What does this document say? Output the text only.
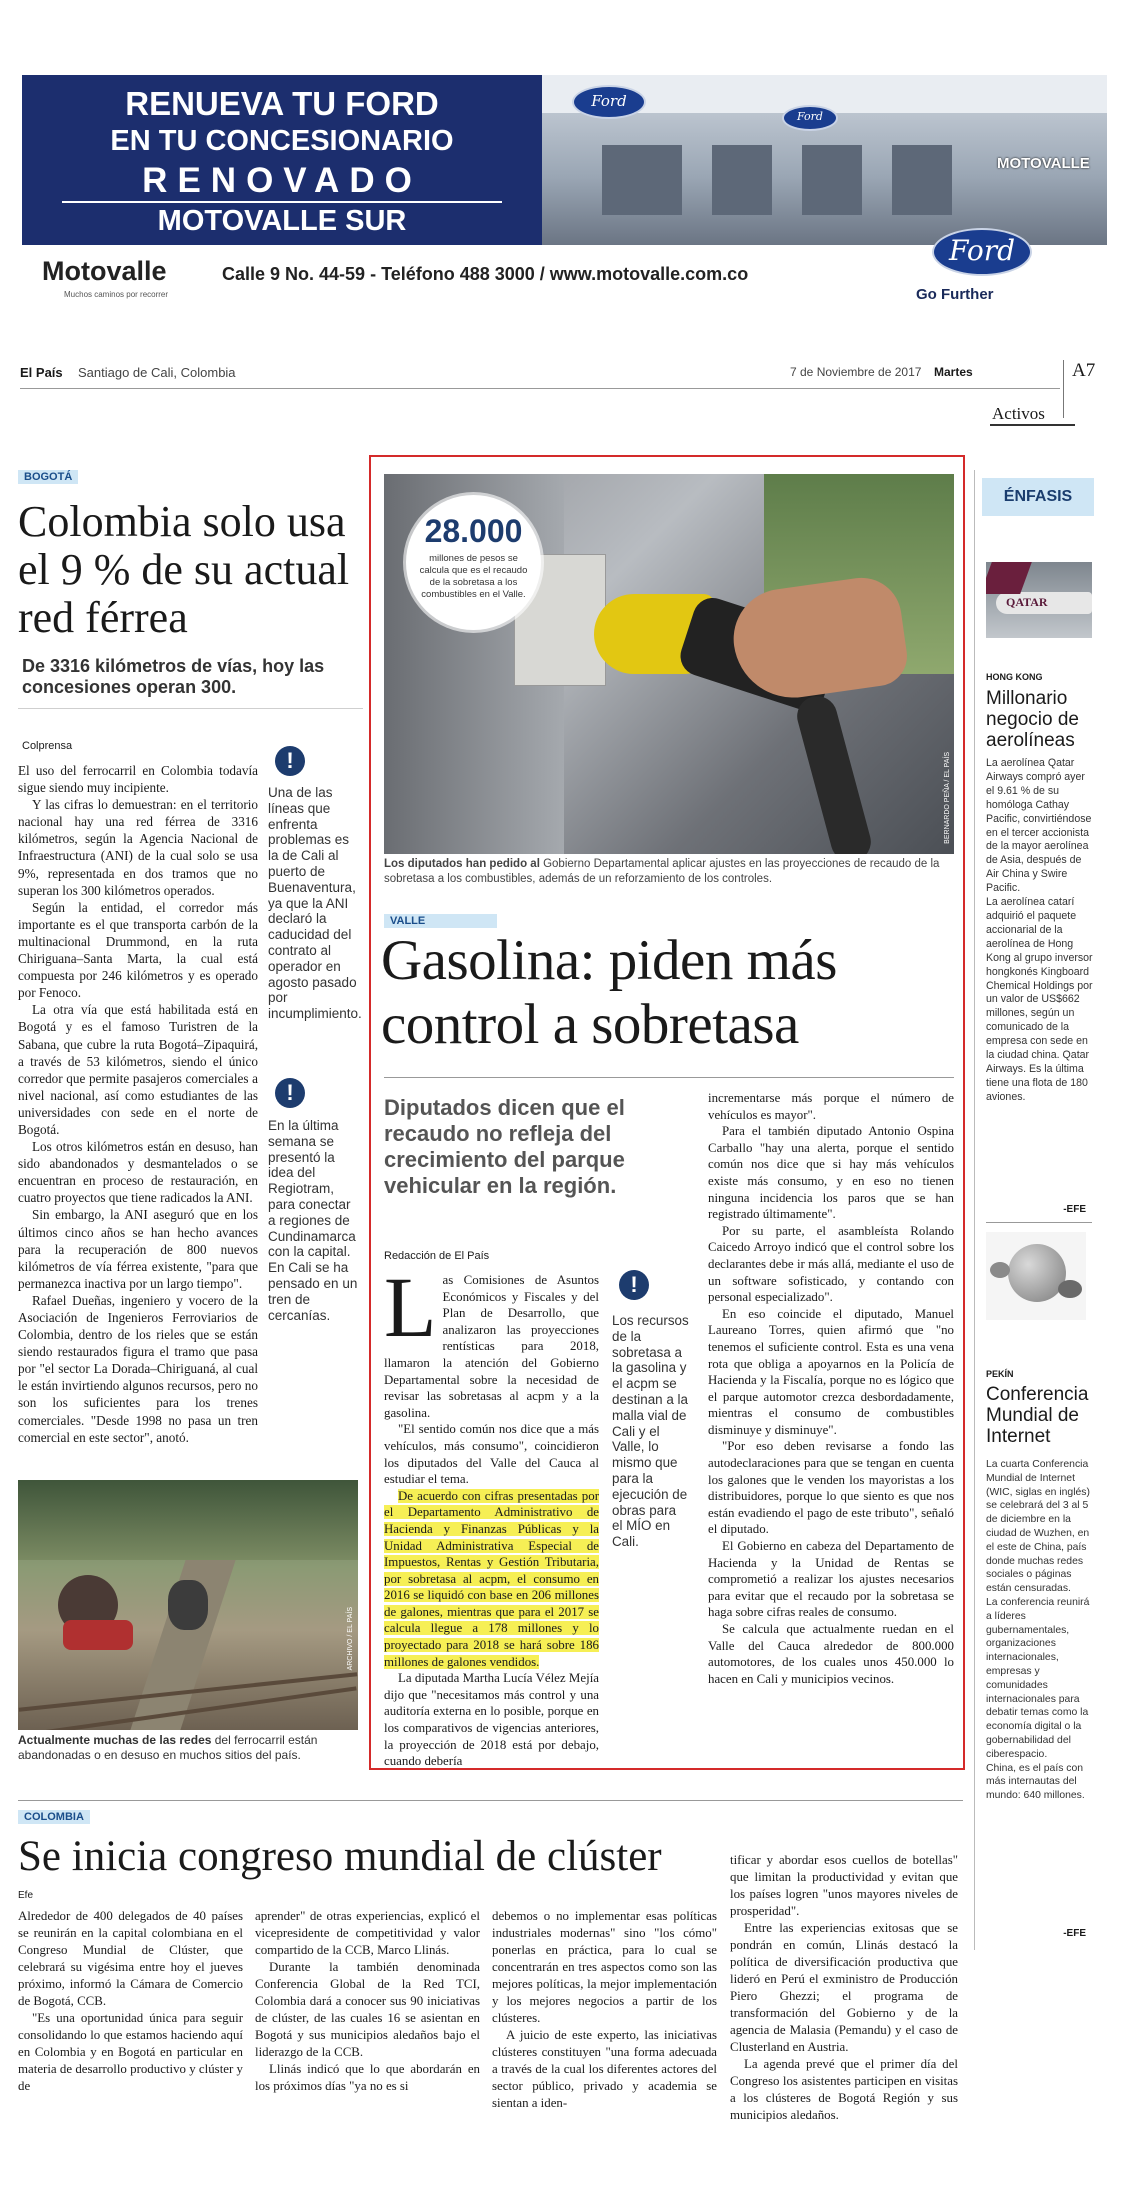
Ford
Ford
MOTOVALLE
RENUEVA TU FORD
EN TU CONCESIONARIO
RENOVADO
MOTOVALLE SUR
Motovalle
Muchos caminos por recorrer
Calle 9 No. 44-59 - Teléfono 488 3000 / www.motovalle.com.co
Ford
Go Further
El País Santiago de Cali, Colombia	7 de Noviembre de 2017 Martes	A7
Activos
BOGOTÁ
Colombia solo usa el 9 % de su actual red férrea
De 3316 kilómetros de vías, hoy las concesiones operan 300.
Colprensa

El uso del ferrocarril en Colombia todavía sigue siendo muy incipiente.

Y las cifras lo demuestran: en el territorio nacional hay una red férrea de 3316 kilómetros, según la Agencia Nacional de Infraestructura (ANI) de la cual solo se usa 9%, representada en dos tramos que no superan los 300 kilómetros operados.

Según la entidad, el corredor más importante es el que transporta carbón de la multinacional Drummond, en la ruta Chiriguana–Santa Marta, la cual está compuesta por 246 kilómetros y es operado por Fenoco.

La otra vía que está habilitada está en Bogotá y es el famoso Turistren de la Sabana, que cubre la ruta Bogotá–Zipaquirá, a través de 53 kilómetros, siendo el único corredor que permite pasajeros comerciales a nivel nacional, así como estudiantes de las universidades con sede en el norte de Bogotá.

Los otros kilómetros están en desuso, han sido abandonados y desmantelados o se encuentran en proceso de restauración, en cuatro proyectos que tiene radicados la ANI.

Sin embargo, la ANI aseguró que en los últimos cinco años se han hecho avances para la recuperación de 800 nuevos kilómetros de vía férrea existente, "para que permanezca inactiva por un largo tiempo".

Rafael Dueñas, ingeniero y vocero de la Asociación de Ingenieros Ferroviarios de Colombia, dentro de los rieles que se están siendo restaurados figura el tramo que pasa por "el sector La Dorada–Chiriguaná, al cual le están invirtiendo algunos recursos, pero no son los suficientes para los trenes comerciales. "Desde 1998 no pasa un tren comercial en este sector", anotó.

!
Una de las líneas que enfrenta problemas es la de Cali al puerto de Buenaventura, ya que la ANI declaró la caducidad del contrato al operador en agosto pasado por incumplimiento.
!
En la última semana se presentó la idea del Regiotram, para conectar a regiones de Cundinamarca con la capital. En Cali se ha pensado en un tren de cercanías.
ARCHIVO / EL PAÍS
Actualmente muchas de las redes del ferrocarril están abandonadas o en desuso en muchos sitios del país.
BERNARDO PEÑA / EL PAÍS
28.000
millones de pesos se calcula que es el recaudo de la sobretasa a los combustibles en el Valle.
Los diputados han pedido al Gobierno Departamental aplicar ajustes en las proyecciones de recaudo de la sobretasa a los combustibles, además de un reforzamiento de los controles.
VALLE
Gasolina: piden más control a sobretasa
Diputados dicen que el recaudo no refleja del crecimiento del parque vehicular en la región.
Redacción de El País

Las Comisiones de Asuntos Económicos y Fiscales y del Plan de Desarrollo, que analizaron las proyecciones rentísticas para 2018, llamaron la atención del Gobierno Departamental sobre la necesidad de revisar las sobretasas al acpm y a la gasolina.

"El sentido común nos dice que a más vehículos, más consumo", coincidieron los diputados del Valle del Cauca al estudiar el tema.

De acuerdo con cifras presentadas por el Departamento Administrativo de Hacienda y Finanzas Públicas y la Unidad Administrativa Especial de Impuestos, Rentas y Gestión Tributaria, por sobretasa al acpm, el consumo en 2016 se liquidó con base en 206 millones de galones, mientras que para el 2017 se calcula llegue a 178 millones y lo proyectado para 2018 se hará sobre 186 millones de galones vendidos.

La diputada Martha Lucía Vélez Mejía dijo que "necesitamos más control y una auditoría externa en lo posible, porque en los comparativos de vigencias anteriores, la proyección de 2018 está por debajo, cuando debería

!
Los recursos de la sobretasa a la gasolina y el acpm se destinan a la malla vial de Cali y el Valle, lo mismo que para la ejecución de obras para el MÍO en Cali.

incrementarse más porque el número de vehículos es mayor".

Para el también diputado Antonio Ospina Carballo "hay una alerta, porque el sentido común nos dice que si hay más vehículos existe más consumo, y en eso no tienen ninguna incidencia los paros que se han registrado últimamente".

Por su parte, el asambleísta Rolando Caicedo Arroyo indicó que el control sobre los declarantes debe ir más allá, mediante el uso de un software sofisticado, y contando con personal especializado".

En eso coincide el diputado, Manuel Laureano Torres, quien afirmó que "no tenemos el suficiente control. Esta es una vena rota que obliga a apoyarnos en la Policía de Hacienda y la Fiscalía, porque no es lógico que el parque automotor crezca desbordadamente, mientras el consumo de combustibles disminuye y disminuye".

"Por eso deben revisarse a fondo las autodeclaraciones para que se tengan en cuenta los galones que le venden los mayoristas a los distribuidores, porque lo que siento es que nos están evadiendo el pago de este tributo", señaló el diputado.

El Gobierno en cabeza del Departamento de Hacienda y la Unidad de Rentas se comprometió a realizar los ajustes necesarios para evitar que el recaudo por la sobretasa se haga sobre cifras reales de consumo.

Se calcula que actualmente ruedan en el Valle del Cauca alrededor de 800.000 automotores, de los cuales unos 450.000 lo hacen en Cali y municipios vecinos.

ÉNFASIS
QATAR
HONG KONG
Millonario negocio de aerolíneas
La aerolínea Qatar Airways compró ayer el 9.61 % de su homóloga Cathay Pacific, convirtiéndose en el tercer accionista de la mayor aerolínea de Asia, después de Air China y Swire Pacific.
La aerolínea catarí adquirió el paquete accionarial de la aerolínea de Hong Kong al grupo inversor hongkonés Kingboard Chemical Holdings por un valor de US$662 millones, según un comunicado de la empresa con sede en la ciudad china. Qatar Airways. Es la última tiene una flota de 180 aviones.
-EFE
PEKÍN
Conferencia Mundial de Internet
La cuarta Conferencia Mundial de Internet (WIC, siglas en inglés) se celebrará del 3 al 5 de diciembre en la ciudad de Wuzhen, en el este de China, país donde muchas redes sociales o páginas están censuradas.
La conferencia reunirá a líderes gubernamentales, organizaciones internacionales, empresas y comunidades internacionales para debatir temas como la economía digital o la gobernabilidad del ciberespacio.
China, es el país con más internautas del mundo: 640 millones.
-EFE
COLOMBIA
Se inicia congreso mundial de clúster
Efe

Alrededor de 400 delegados de 40 países se reunirán en la capital colombiana en el Congreso Mundial de Clúster, que celebrará su vigésima entre hoy el jueves próximo, informó la Cámara de Comercio de Bogotá, CCB.

"Es una oportunidad única para seguir consolidando lo que estamos haciendo aquí en Colombia y en Bogotá en particular en materia de desarrollo productivo y clúster y de

aprender" de otras experiencias, explicó el vicepresidente de competitividad y valor compartido de la CCB, Marco Llinás.

Durante la también denominada Conferencia Global de la Red TCI, Colombia dará a conocer sus 90 iniciativas de clúster, de las cuales 16 se asientan en Bogotá y sus municipios aledaños bajo el liderazgo de la CCB.

Llinás indicó que lo que abordarán en los próximos días "ya no es si

debemos o no implementar esas políticas industriales modernas" sino "los cómo" ponerlas en práctica, para lo cual se concentrarán en tres aspectos como son las mejores políticas, la mejor implementación y los mejores negocios a partir de los clústeres.

A juicio de este experto, las iniciativas clústeres constituyen "una forma adecuada a través de la cual los diferentes actores del sector público, privado y academia se sientan a iden-

tificar y abordar esos cuellos de botellas" que limitan la productividad y evitan que los países logren "unos mayores niveles de prosperidad".

Entre las experiencias exitosas que se pondrán en común, Llinás destacó la política de diversificación productiva que lideró en Perú el exministro de Producción Piero Ghezzi; el programa de transformación del Gobierno y de la agencia de Malasia (Pemandu) y el caso de Clusterland en Austria.

La agenda prevé que el primer día del Congreso los asistentes participen en visitas a los clústeres de Bogotá Región y sus municipios aledaños.
